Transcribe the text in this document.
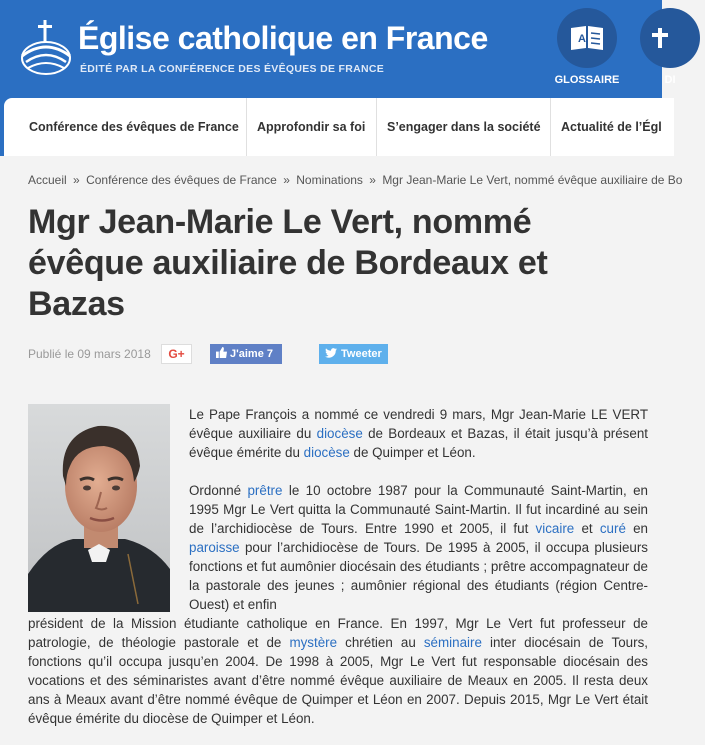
Église catholique en France
ÉDITÉ PAR LA CONFÉRENCE DES ÉVÊQUES DE FRANCE
A
GLOSSAIRE	DI
Conférence des évêques de France Approfondir sa foi S’engager dans la société Actualité de l’Égl
Accueil » Conférence des évêques de France » Nominations » Mgr Jean-Marie Le Vert, nommé évêque auxiliaire de Bo
Mgr Jean-Marie Le Vert, nommé
évêque auxiliaire de Bordeaux et
Bazas
Publié le 09 mars 2018	G+	J'aime 7	Tweeter

Le Pape François a nommé ce vendredi 9 mars, Mgr Jean-Marie LE VERT évêque auxiliaire du diocèse de Bordeaux et Bazas, il était jusqu’à présent évêque émérite du diocèse de Quimper et Léon.

Ordonné prêtre le 10 octobre 1987 pour la Communauté Saint-Martin, en 1995 Mgr Le Vert quitta la Communauté Saint-Martin. Il fut incardiné au sein de l’archidiocèse de Tours. Entre 1990 et 2005, il fut vicaire et curé en paroisse pour l’archidiocèse de Tours. De 1995 à 2005, il occupa plusieurs fonctions et fut aumônier diocésain des étudiants ; prêtre accompagnateur de la pastorale des jeunes ; aumônier régional des étudiants (région Centre-Ouest) et enfin

président de la Mission étudiante catholique en France. En 1997, Mgr Le Vert fut professeur de patrologie, de théologie pastorale et de mystère chrétien au séminaire inter diocésain de Tours, fonctions qu’il occupa jusqu’en 2004. De 1998 à 2005, Mgr Le Vert fut responsable diocésain des vocations et des séminaristes avant d’être nommé évêque auxiliaire de Meaux en 2005. Il resta deux ans à Meaux avant d’être nommé évêque de Quimper et Léon en 2007. Depuis 2015, Mgr Le Vert était évêque émérite du diocèse de Quimper et Léon.
